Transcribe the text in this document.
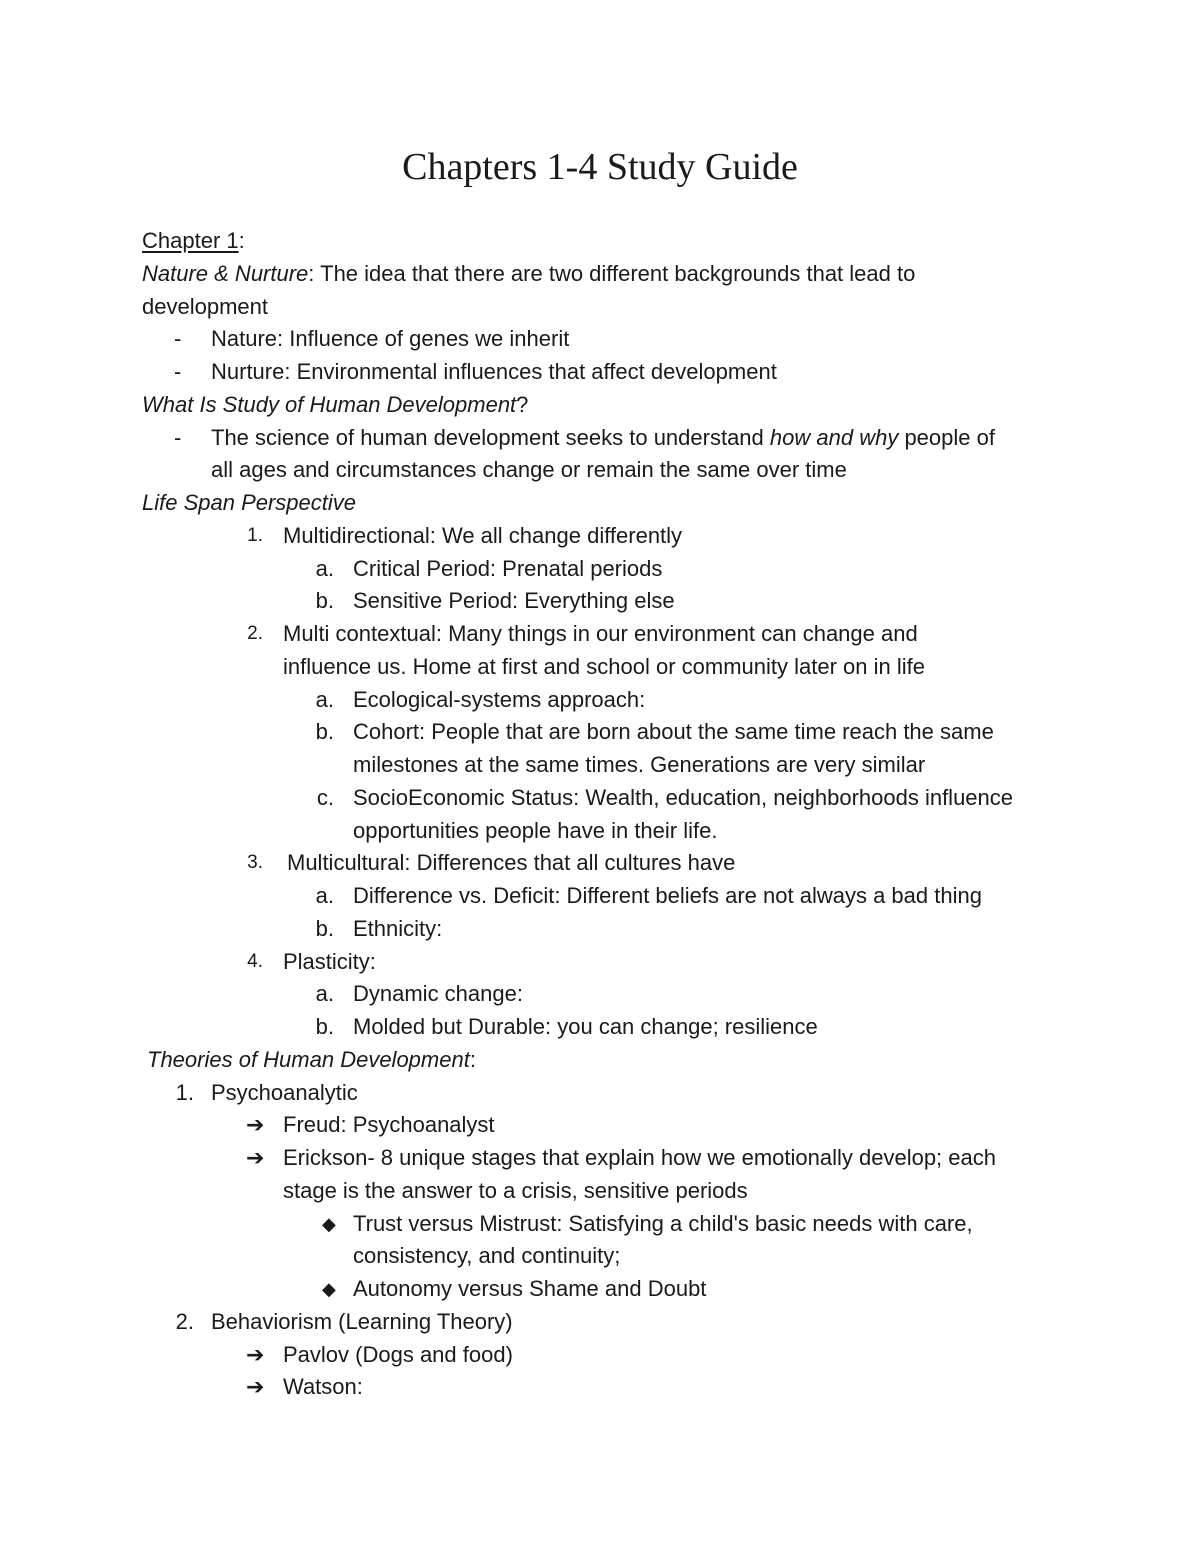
Chapters 1-4 Study Guide
Chapter 1:
Nature & Nurture: The idea that there are two different backgrounds that lead to
development
- Nature: Influence of genes we inherit
- Nurture: Environmental influences that affect development
What Is Study of Human Development?
- The science of human development seeks to understand how and why people of
all ages and circumstances change or remain the same over time
Life Span Perspective
1. Multidirectional: We all change differently
a. Critical Period: Prenatal periods
b. Sensitive Period: Everything else
2. Multi contextual: Many things in our environment can change and
influence us. Home at first and school or community later on in life
a. Ecological-systems approach:
b. Cohort: People that are born about the same time reach the same
milestones at the same times. Generations are very similar
c. SocioEconomic Status: Wealth, education, neighborhoods influence
opportunities people have in their life.
3. Multicultural: Differences that all cultures have
a. Difference vs. Deficit: Different beliefs are not always a bad thing
b. Ethnicity:
4. Plasticity:
a. Dynamic change:
b. Molded but Durable: you can change; resilience
Theories of Human Development:
1. Psychoanalytic
➔ Freud: Psychoanalyst
➔ Erickson- 8 unique stages that explain how we emotionally develop; each
stage is the answer to a crisis, sensitive periods
◆ Trust versus Mistrust: Satisfying a child's basic needs with care,
consistency, and continuity;
◆ Autonomy versus Shame and Doubt
2. Behaviorism (Learning Theory)
➔ Pavlov (Dogs and food)
➔ Watson:
